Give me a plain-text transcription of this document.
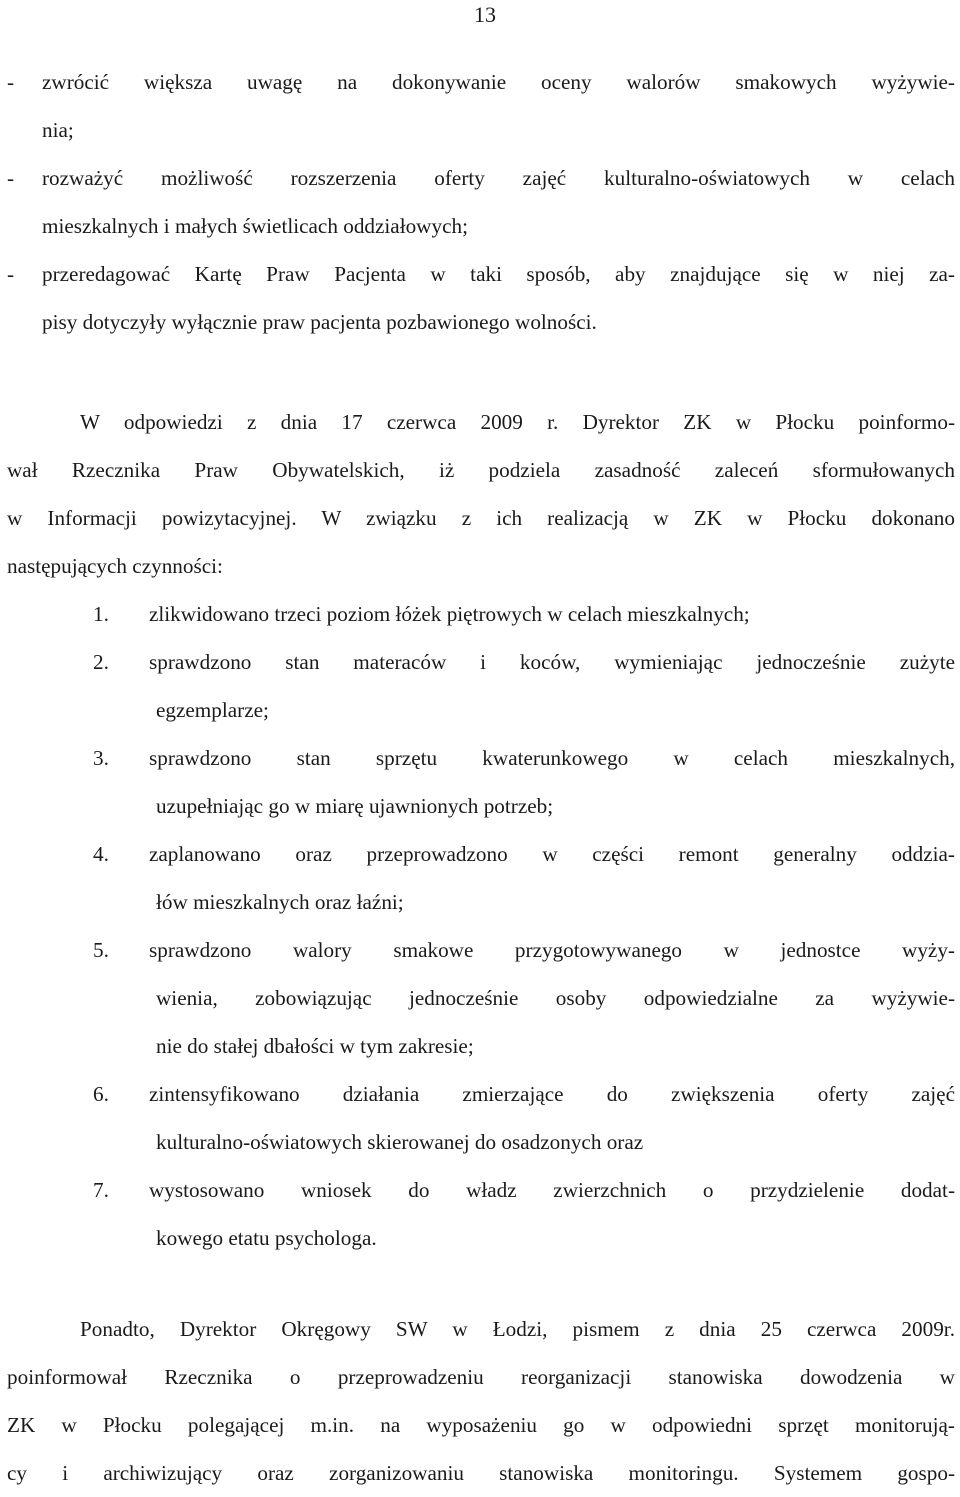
13
-	zwrócić większa uwagę na dokonywanie oceny walorów smakowych wyżywie-
nia;
-	rozważyć możliwość rozszerzenia oferty zajęć kulturalno-oświatowych w celach
mieszkalnych i małych świetlicach oddziałowych;
-	przeredagować Kartę Praw Pacjenta w taki sposób, aby znajdujące się w niej za-
pisy dotyczyły wyłącznie praw pacjenta pozbawionego wolności.
W odpowiedzi z dnia 17 czerwca 2009 r. Dyrektor ZK w Płocku poinformo-
wał Rzecznika Praw Obywatelskich, iż podziela zasadność zaleceń sformułowanych
w Informacji powizytacyjnej. W związku z ich realizacją w ZK w Płocku dokonano
następujących czynności:
1.	zlikwidowano trzeci poziom łóżek piętrowych w celach mieszkalnych;
2.	sprawdzono stan materaców i koców, wymieniając jednocześnie zużyte
egzemplarze;
3.	sprawdzono stan sprzętu kwaterunkowego w celach mieszkalnych,
uzupełniając go w miarę ujawnionych potrzeb;
4.	zaplanowano oraz przeprowadzono w części remont generalny oddzia-
łów mieszkalnych oraz łaźni;
5.	sprawdzono walory smakowe przygotowywanego w jednostce wyży-
wienia, zobowiązując jednocześnie osoby odpowiedzialne za wyżywie-
nie do stałej dbałości w tym zakresie;
6.	zintensyfikowano działania zmierzające do zwiększenia oferty zajęć
kulturalno-oświatowych skierowanej do osadzonych oraz
7.	wystosowano wniosek do władz zwierzchnich o przydzielenie dodat-
kowego etatu psychologa.
Ponadto, Dyrektor Okręgowy SW w Łodzi, pismem z dnia 25 czerwca 2009r.
poinformował Rzecznika o przeprowadzeniu reorganizacji stanowiska dowodzenia w
ZK w Płocku polegającej m.in. na wyposażeniu go w odpowiedni sprzęt monitorują-
cy i archiwizujący oraz zorganizowaniu stanowiska monitoringu. Systemem gospo-
